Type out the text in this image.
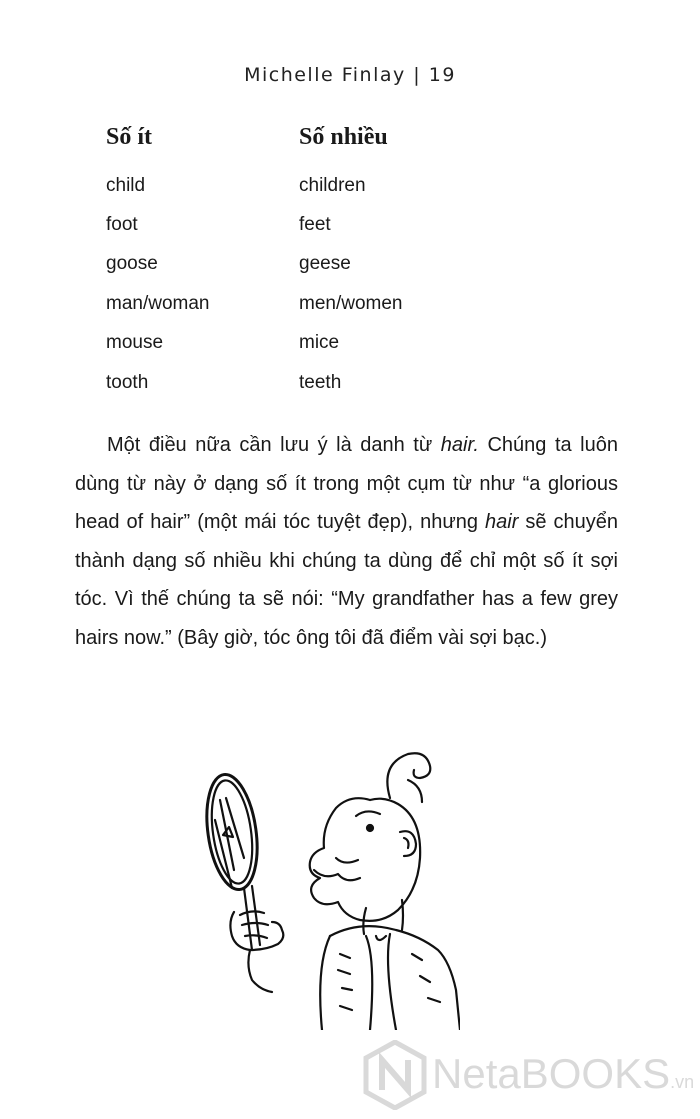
Michelle Finlay | 19
Số ít	Số nhiều
child	children
foot	feet
goose	geese
man/woman	men/women
mouse	mice
tooth	teeth

Một điều nữa cần lưu ý là danh từ hair. Chúng ta luôn dùng từ này ở dạng số ít trong một cụm từ như “a glorious head of hair” (một mái tóc tuyệt đẹp), nhưng hair sẽ chuyển thành dạng số nhiều khi chúng ta dùng để chỉ một số ít sợi tóc. Vì thế chúng ta sẽ nói: “My grandfather has a few grey hairs now.” (Bây giờ, tóc ông tôi đã điểm vài sợi bạc.)

NetaBOOKS.vn
